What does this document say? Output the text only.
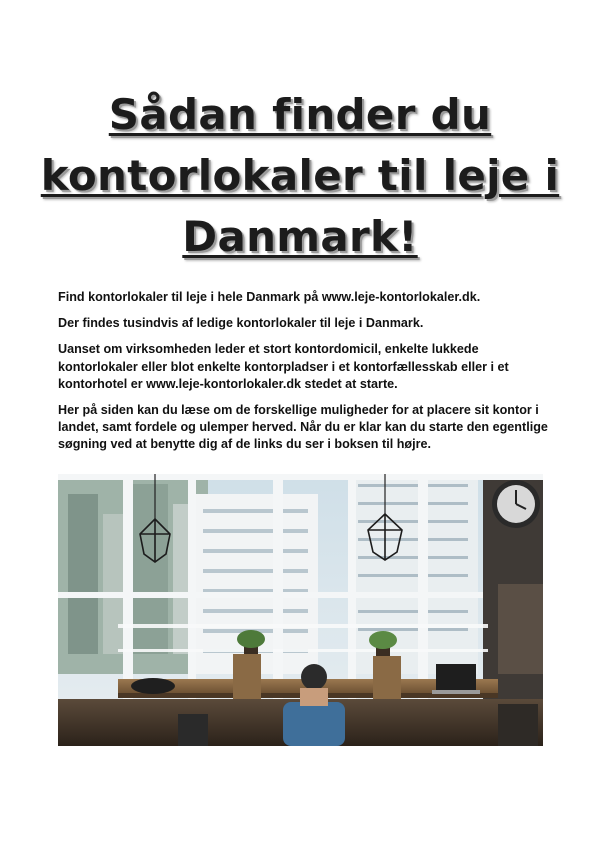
Sådan finder du
kontorlokaler til leje i
Danmark!

Find kontorlokaler til leje i hele Danmark på www.leje-kontorlokaler.dk.

Der findes tusindvis af ledige kontorlokaler til leje i Danmark.

Uanset om virksomheden leder et stort kontordomicil, enkelte lukkede kontorlokaler eller blot enkelte kontorpladser i et kontorfællesskab eller i et kontorhotel er www.leje-kontorlokaler.dk stedet at starte.

Her på siden kan du læse om de forskellige muligheder for at placere sit kontor i landet, samt fordele og ulemper herved. Når du er klar kan du starte den egentlige søgning ved at benytte dig af de links du ser i boksen til højre.
